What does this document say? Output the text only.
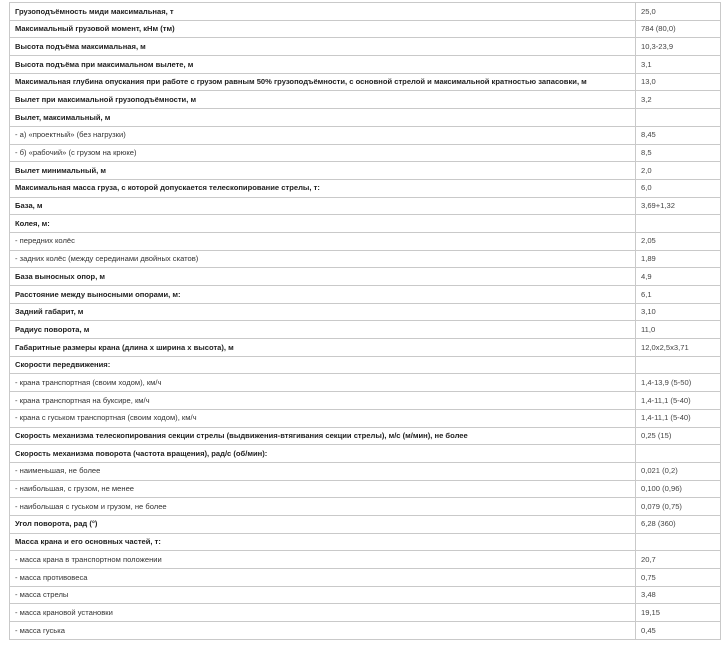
Грузоподъёмность миди максимальная, т	25,0
Максимальный грузовой момент, кНм (тм)	784 (80,0)
Высота подъёма максимальная, м	10,3-23,9
Высота подъёма при максимальном вылете, м	3,1
Максимальная глубина опускания при работе с грузом равным 50% грузоподъёмности, с основной стрелой и максимальной кратностью запасовки, м	13,0
Вылет при максимальной грузоподъёмности, м	3,2
Вылет, максимальный, м	
- а) «проектный» (без нагрузки)	8,45
- б) «рабочий» (с грузом на крюке)	8,5
Вылет минимальный, м	2,0
Максимальная масса груза, с которой допускается телескопирование стрелы, т:	6,0
База, м	3,69+1,32
Колея, м:	
- передних колёс	2,05
- задних колёс (между серединами двойных скатов)	1,89
База выносных опор, м	4,9
Расстояние между выносными опорами, м:	6,1
Задний габарит, м	3,10
Радиус поворота, м	11,0
Габаритные размеры крана (длина х ширина х высота), м	12,0х2,5х3,71
Скорости передвижения:	
- крана транспортная (своим ходом), км/ч	1,4-13,9 (5-50)
- крана транспортная на буксире, км/ч	1,4-11,1 (5-40)
- крана с гуськом транспортная (своим ходом), км/ч	1,4-11,1 (5-40)
Скорость механизма телескопирования секции стрелы (выдвижения-втягивания секции стрелы), м/с (м/мин), не более	0,25 (15)
Скорость механизма поворота (частота вращения), рад/с (об/мин):	
- наименьшая, не более	0,021 (0,2)
- наибольшая, с грузом, не менее	0,100 (0,96)
- наибольшая с гуськом и грузом, не более	0,079 (0,75)
Угол поворота, рад (°)	6,28 (360)
Масса крана и его основных частей, т:	
- масса крана в транспортном положении	20,7
- масса противовеса	0,75
- масса стрелы	3,48
- масса крановой установки	19,15
- масса гуська	0,45
